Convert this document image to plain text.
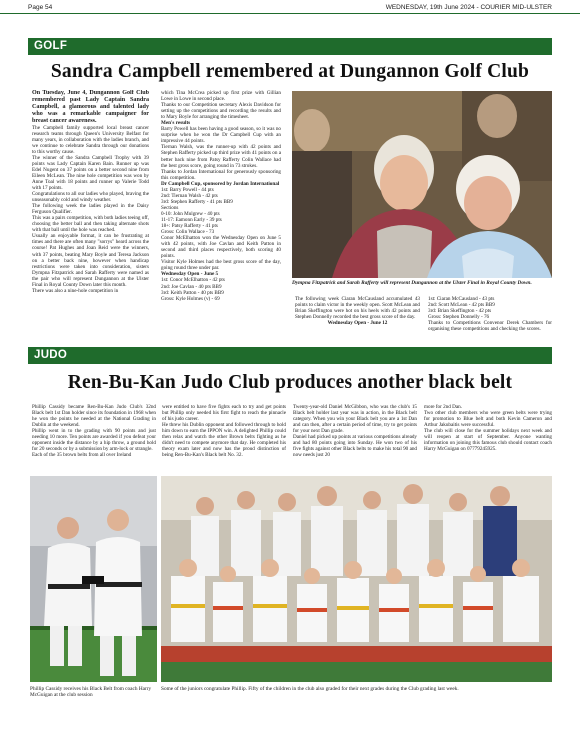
Page 54	WEDNESDAY, 19th June 2024 - COURIER MID-ULSTER
GOLF
Sandra Campbell remembered at Dungannon Golf Club

On Tuesday, June 4, Dungannon Golf Club remembered past Lady Captain Sandra Campbell, a glamorous and talented lady who was a remarkable campaigner for breast cancer awareness.

The Campbell family supported local breast cancer research teams through Queen's University Belfast for many years, in collaboration with the ladies branch, and we continue to celebrate Sandra through our donations to this worthy cause.

The winner of the Sandra Campbell Trophy with 39 points was Lady Captain Karen Bain. Runner up was Edel Nugent on 37 points on a better second nine from Eileen McLean. The nine hole competition was won by Anne Toal with 18 points and runner up Valerie Todd with 17 points.

Congratulations to all our ladies who played, braving the unseasonably cold and windy weather.

The following week the ladies played in the Daisy Ferguson Qualifier.

This was a pairs competition, with both ladies teeing off, choosing the better ball and then taking alternate shots with that ball until the hole was reached.

Usually an enjoyable format, it can be frustrating at times and there are often many "sorrys" heard across the course! Pat Hughes and Joan Reid were the winners, with 37 points, beating Mary Boyle and Teresa Jackson on a better back nine, however when handicap restrictions were taken into consideration, sisters Dympna Fitzpatrick and Sarah Rafferty were named as the pair who will represent Dungannon at the Ulster Final in Royal County Down later this month.

There was also a nine-hole competition in

which Tina McCrea picked up first prize with Gillian Lowe in Lowe in second place.

Thanks to our Competition secretary Alexis Davidson for setting up the competitions and recording the results and to Mary Boyle for arranging the timesheet.

Men's results

Barry Powell has been having a good season, so it was no surprise when he won the Dr Campbell Cup with an impressive 44 points.

Tiernan Walsh, was the runner-up with 42 points and Stephen Rafferty picked up third prize with 41 points on a better back nine from Patsy Rafferty Colin Wallace had the best gross score, going round in 73 strokes.

Thanks to Jordan International for generously sponsoring this competition.

Dr Campbell Cup, sponsored by Jordan International

1st: Barry Powell - 44 pts

2nd: Tiernan Walsh - 42 pts

3rd: Stephen Rafferty - 41 pts BB9

Sections

0-10: John Mulgrew - 40 pts

11-17: Eamonn Early - 39 pts

18+: Patsy Rafferty - 41 pts

Gross: Colin Wallace - 73

Conor McElhatton won the Wednesday Open on June 5 with 42 points, with Joe Cavlan and Keith Patton in second and third places respectively, both scoring 40 points.

Visitor Kyle Holmes had the best gross score of the day, going round three under par.

Wednesday Open - June 5

1st: Conor McElhatton - 42 pts

2nd: Joe Cavlan - 40 pts BB9

3rd: Keith Patton - 40 pts BB9

Gross: Kyle Holmes (v) - 69

Dympna Fitzpatrick and Sarah Rafferty will represent Dungannon at the Ulster Final in Royal County Down.

The following week Ciaran McCausland accumulated 43 points to claim victor in the weekly open. Scott McLean and Brian Skeffington were hot on his heels with 42 points and Stephen Donnelly recorded the best gross score of the day.

Wednesday Open - June 12

1st: Ciaran McCausland - 43 pts

2nd: Scott McLean - 42 pts BB9

3rd: Brian Skeffington - 42 pts

Gross: Stephen Donnelly - 76

Thanks to Competitions Convenor Derek Chambers for organising these competitions and checking the scores.

JUDO
Ren-Bu-Kan Judo Club produces another black belt

Phillip Cassidy became Ren-Bu-Kan Judo Club's 32nd Black belt 1st Dan holder since its foundation in 1968 when he won the points he needed at the National Grading in Dublin at the weekend.

Phillip went in to the grading with 90 points and just needing 10 more. Ten points are awarded if you defeat your opponent inside the distance by a hip throw, a ground hold for 20 seconds or by a submission by arm-lock or strangle.

Each of the 35 brown belts from all over Ireland

were entitled to have five fights each to try and get points but Phillip only needed his first fight to reach the pinnacle of his judo career.

He threw his Dublin opponent and followed through to hold him down to earn the IPPON win. A delighted Phillip could then relax and watch the other Brown belts fighting as he didn't need to compete anymore that day. He completed his theory exam later and now has the proud distinction of being Ren-Bu-Kan's Black belt No. 32.

Twenty-year-old Daniel McGibbon, who was the club's 15 Black belt holder last year was in action, in the Black belt category. When you win your Black belt you are a 1st Dan and can then, after a certain period of time, try to get points for your next Dan grade.

Daniel had picked up points at various competitions already and had 80 points going into Sunday. He won two of his five fights against other Black belts to make his total 90 and now needs just 20

more for 2nd Dan.

Two other club members who were green belts were trying for promotion to Blue belt and both Kevin Cameron and Arthur Jakubaitis were successful.

The club will close for the summer holidays next week and will reopen at start of September. Anyone wanting information on joining this famous club should contact coach Harry McGuigan on 07779245925.

Phillip Cassidy receives his Black Belt from coach Harry McGuigan at the club session
Some of the juniors congratulate Phillip. Fifty of the children in the club also graded for their next grades during the Club grading last week.
